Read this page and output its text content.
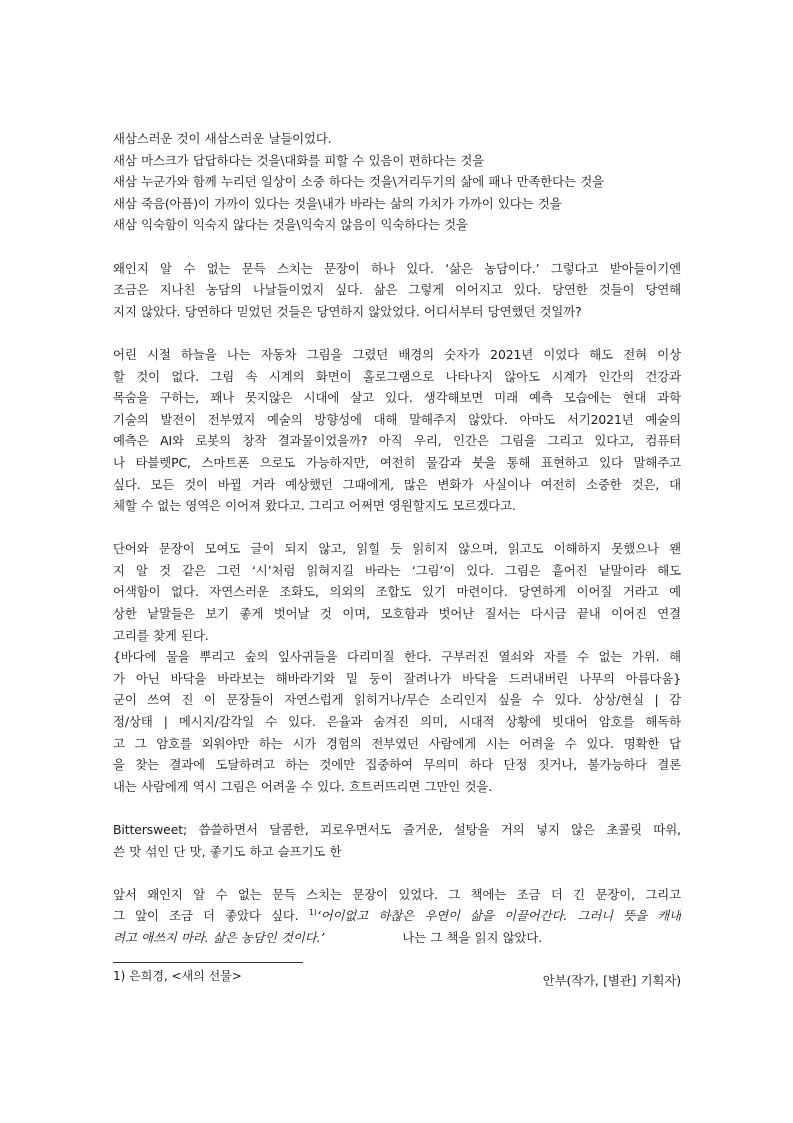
새삼스러운 것이 새삼스러운 날들이었다.
새삼 마스크가 답답하다는 것을\대화를 피할 수 있음이 편하다는 것을
새삼 누군가와 함께 누리던 일상이 소중 하다는 것을\거리두기의 삶에 패나 만족한다는 것을
새삼 죽음(아픔)이 가까이 있다는 것을\내가 바라는 삶의 가치가 가까이 있다는 것을
새삼 익숙함이 익숙지 않다는 것을\익숙지 않음이 익숙하다는 것을
왜인지 알 수 없는 문득 스치는 문장이 하나 있다. ‘삶은 농담이다.’ 그렇다고 받아들이기엔
조금은 지나친 농담의 나날들이었지 싶다. 삶은 그렇게 이어지고 있다. 당연한 것들이 당연해
지지 않았다. 당연하다 믿었던 것들은 당연하지 않았었다. 어디서부터 당연했던 것일까?
어린 시절 하늘을 나는 자동차 그림을 그렸던 배경의 숫자가 2021년 이었다 해도 전혀 이상
할 것이 없다. 그림 속 시계의 화면이 홀로그램으로 나타나지 않아도 시계가 인간의 건강과
목숨을 구하는, 꽤나 못지않은 시대에 살고 있다. 생각해보면 미래 예측 모습에는 현대 과학
기술의 발전이 전부였지 예술의 방향성에 대해 말해주지 않았다. 아마도 서기2021년 예술의
예측은 AI와 로봇의 창작 결과물이었을까? 아직 우리, 인간은 그림을 그리고 있다고, 컴퓨터
나 타블렛PC, 스마트폰 으로도 가능하지만, 여전히 물감과 붓을 통해 표현하고 있다 말해주고
싶다. 모든 것이 바뀔 거라 예상했던 그때에게, 많은 변화가 사실이나 여전히 소중한 것은, 대
체할 수 없는 영역은 이어져 왔다고. 그리고 어쩌면 영원할지도 모르겠다고.
단어와 문장이 모여도 글이 되지 않고, 읽힐 듯 읽히지 않으며, 읽고도 이해하지 못했으나 왠
지 알 것 같은 그런 ‘시’처럼 읽혀지길 바라는 ‘그림’이 있다. 그림은 흩어진 낱말이라 해도
어색함이 없다. 자연스러운 조화도, 의외의 조합도 있기 마련이다. 당연하게 이어질 거라고 예
상한 낱말들은 보기 좋게 벗어날 것 이며, 모호함과 벗어난 질서는 다시금 끝내 이어진 연결
고리를 찾게 된다.
{바다에 물을 뿌리고 숲의 잎사귀들을 다리미질 한다. 구부러진 열쇠와 자를 수 없는 가위. 해
가 아닌 바닥을 바라보는 해바라기와 밑 둥이 잘려나가 바닥을 드러내버린 나무의 아름다움}
군이 쓰여 진 이 문장들이 자연스럽게 읽히거나/무슨 소리인지 싶을 수 있다. 상상/현실 | 감
정/상태 | 메시지/감각일 수 있다. 은율과 숨겨진 의미, 시대적 상황에 빗대어 암호를 해독하
고 그 암호를 외워야만 하는 시가 경험의 전부였던 사람에게 시는 어려울 수 있다. 명확한 답
을 찾는 결과에 도달하려고 하는 것에만 집중하여 무의미 하다 단정 짓거나, 불가능하다 결론
내는 사람에게 역시 그림은 어려울 수 있다. 흐트러뜨리면 그만인 것을.
Bittersweet; 씁쓸하면서 달콤한, 괴로우면서도 즐거운, 설탕을 거의 넣지 않은 초콜릿 따위,
쓴 맛 섞인 단 맛, 좋기도 하고 슬프기도 한
앞서 왜인지 알 수 없는 문득 스치는 문장이 있었다. 그 책에는 조금 더 긴 문장이, 그리고
그 앞이 조금 더 좋았다 싶다. $^{1)}$‘어이없고 하찮은 우연이 삶을 이끌어간다. 그러니 뜻을 캐내
려고 애쓰지 마라. 삶은 농담인 것이다.’	나는 그 책을 읽지 않았다.
안부(작가, [별관] 기획자)
1) 은희경, <새의 선물>
